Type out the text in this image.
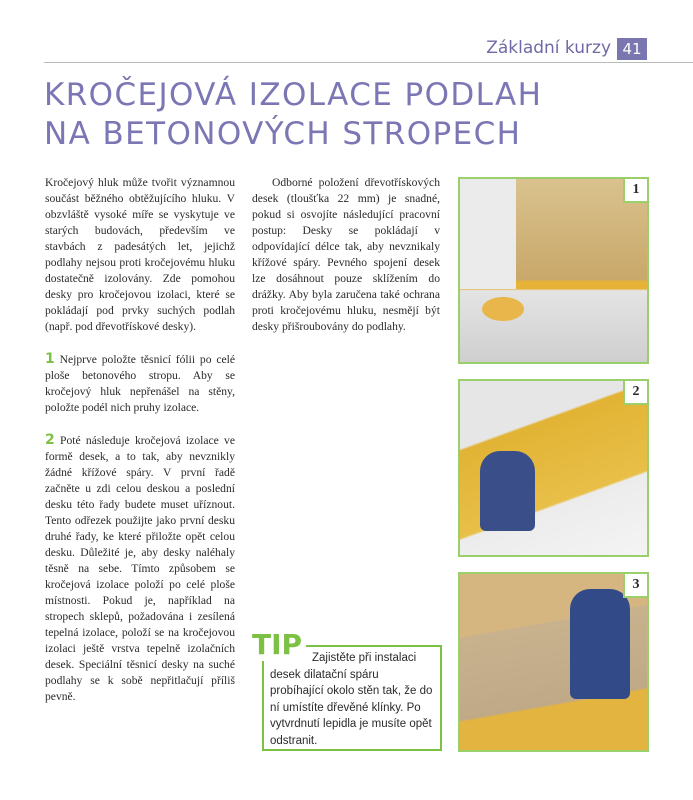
Základní kurzy 41
KROČEJOVÁ IZOLACE PODLAH
NA BETONOVÝCH STROPECH

Kročejový hluk může tvořit významnou součást běžného obtěžujícího hluku. V obzvláště vysoké míře se vyskytuje ve starých budovách, především ve stavbách z padesátých let, jejichž podlahy nejsou proti kročejovému hluku dostatečně izolovány. Zde pomohou desky pro kročejovou izolaci, které se pokládají pod prvky suchých podlah (např. pod dřevotřískové desky).

1 Nejprve položte těsnicí fólii po celé ploše betonového stropu. Aby se kročejový hluk nepřenášel na stěny, položte podél nich pruhy izolace.

2 Poté následuje kročejová izolace ve formě desek, a to tak, aby nevznikly žádné křížové spáry. V první řadě začněte u zdi celou deskou a poslední desku této řady budete muset uříznout. Tento odřezek použijte jako první desku druhé řady, ke které přiložte opět celou desku. Důležité je, aby desky naléhaly těsně na sebe. Tímto způsobem se kročejová izolace položí po celé ploše místnosti. Pokud je, například na stropech sklepů, požadována i zesílená tepelná izolace, položí se na kročejovou izolaci ještě vrstva tepelně izolačních desek. Speciální těsnicí desky na suché podlahy se k sobě nepřitlačují příliš pevně.

Odborné položení dřevotřískových desek (tloušťka 22 mm) je snadné, pokud si osvojíte následující pracovní postup: Desky se pokládají v odpovídající délce tak, aby nevznikaly křížové spáry. Pevného spojení desek lze dosáhnout pouze sklížením do drážky. Aby byla zaručena také ochrana proti kročejovému hluku, nesmějí být desky přišroubovány do podlahy.

TIP Zajistěte při instalaci desek dilatační spáru probíhající okolo stěn tak, že do ní umístíte dřevěné klínky. Po vytvrdnutí lepidla je musíte opět odstranit.
1
2
3
